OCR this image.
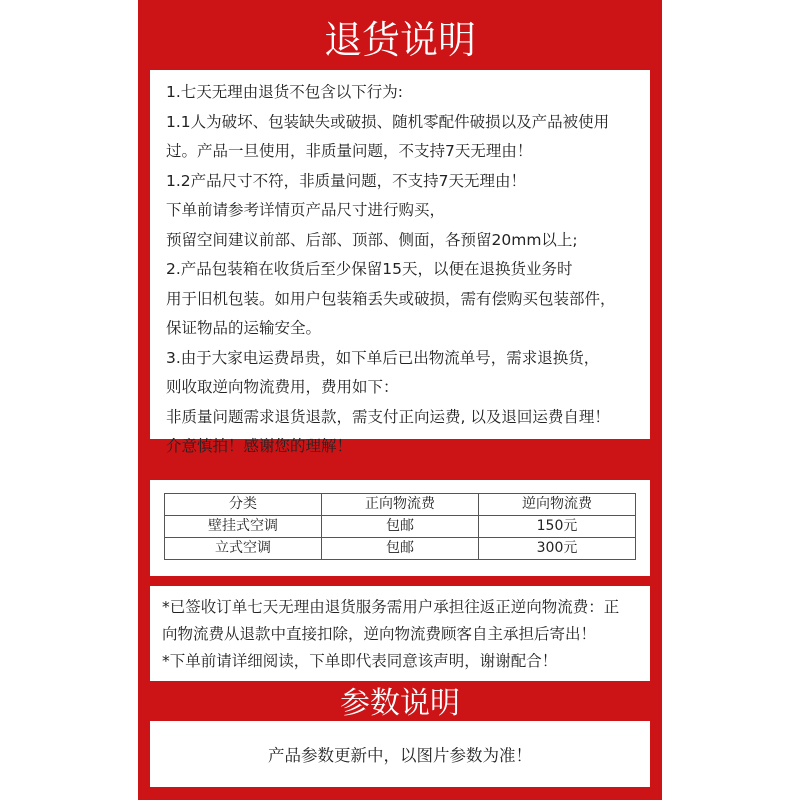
退货说明
1.七天无理由退货不包含以下行为:
1.1人为破坏、包装缺失或破损、随机零配件破损以及产品被使用
过。产品一旦使用，非质量问题，不支持7天无理由！
1.2产品尺寸不符，非质量问题，不支持7天无理由！
下单前请参考详情页产品尺寸进行购买，
预留空间建议前部、后部、顶部、侧面，各预留20mm以上;
2.产品包装箱在收货后至少保留15天，以便在退换货业务时
用于旧机包装。如用户包装箱丢失或破损，需有偿购买包装部件，
保证物品的运输安全。
3.由于大家电运费昂贵，如下单后已出物流单号，需求退换货，
则收取逆向物流费用，费用如下：
非质量问题需求退货退款，需支付正向运费, 以及退回运费自理！
介意慎拍！感谢您的理解！
分类	正向物流费	逆向物流费
壁挂式空调	包邮	150元
立式空调	包邮	300元
*已签收订单七天无理由退货服务需用户承担往返正逆向物流费：正
向物流费从退款中直接扣除，逆向物流费顾客自主承担后寄出！
*下单前请详细阅读，下单即代表同意该声明，谢谢配合！
参数说明
产品参数更新中，以图片参数为准！
